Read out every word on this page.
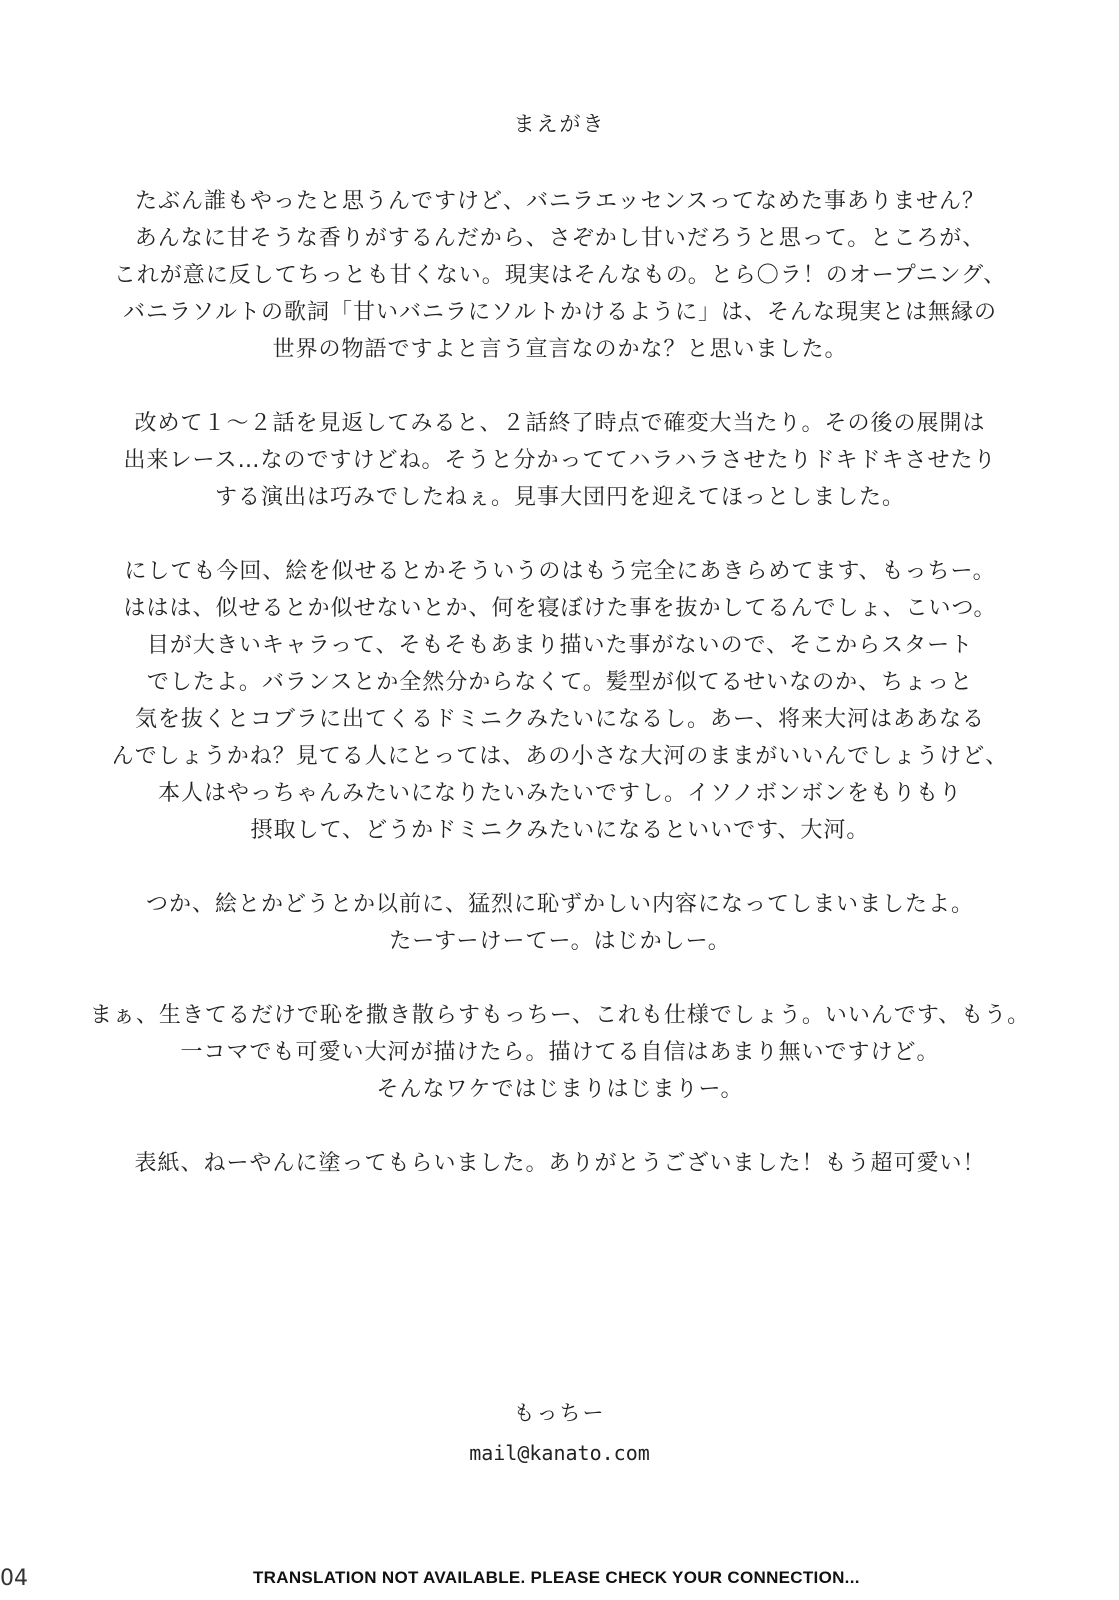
まえがき
たぶん誰もやったと思うんですけど、バニラエッセンスってなめた事ありません？
あんなに甘そうな香りがするんだから、さぞかし甘いだろうと思って。ところが、
これが意に反してちっとも甘くない。現実はそんなもの。とら〇ラ！のオープニング、
バニラソルトの歌詞「甘いバニラにソルトかけるように」は、そんな現実とは無縁の
世界の物語ですよと言う宣言なのかな？と思いました。
改めて１～２話を見返してみると、２話終了時点で確変大当たり。その後の展開は
出来レース…なのですけどね。そうと分かっててハラハラさせたりドキドキさせたり
する演出は巧みでしたねぇ。見事大団円を迎えてほっとしました。
にしても今回、絵を似せるとかそういうのはもう完全にあきらめてます、もっちー。
ははは、似せるとか似せないとか、何を寝ぼけた事を抜かしてるんでしょ、こいつ。
目が大きいキャラって、そもそもあまり描いた事がないので、そこからスタート
でしたよ。バランスとか全然分からなくて。髪型が似てるせいなのか、ちょっと
気を抜くとコブラに出てくるドミニクみたいになるし。あー、将来大河はああなる
んでしょうかね？見てる人にとっては、あの小さな大河のままがいいんでしょうけど、
本人はやっちゃんみたいになりたいみたいですし。イソノボンボンをもりもり
摂取して、どうかドミニクみたいになるといいです、大河。
つか、絵とかどうとか以前に、猛烈に恥ずかしい内容になってしまいましたよ。
たーすーけーてー。はじかしー。
まぁ、生きてるだけで恥を撒き散らすもっちー、これも仕様でしょう。いいんです、もう。
一コマでも可愛い大河が描けたら。描けてる自信はあまり無いですけど。
そんなワケではじまりはじまりー。
表紙、ねーやんに塗ってもらいました。ありがとうございました！もう超可愛い！
もっちー
mail@kanato.com
04	TRANSLATION NOT AVAILABLE. PLEASE CHECK YOUR CONNECTION...
